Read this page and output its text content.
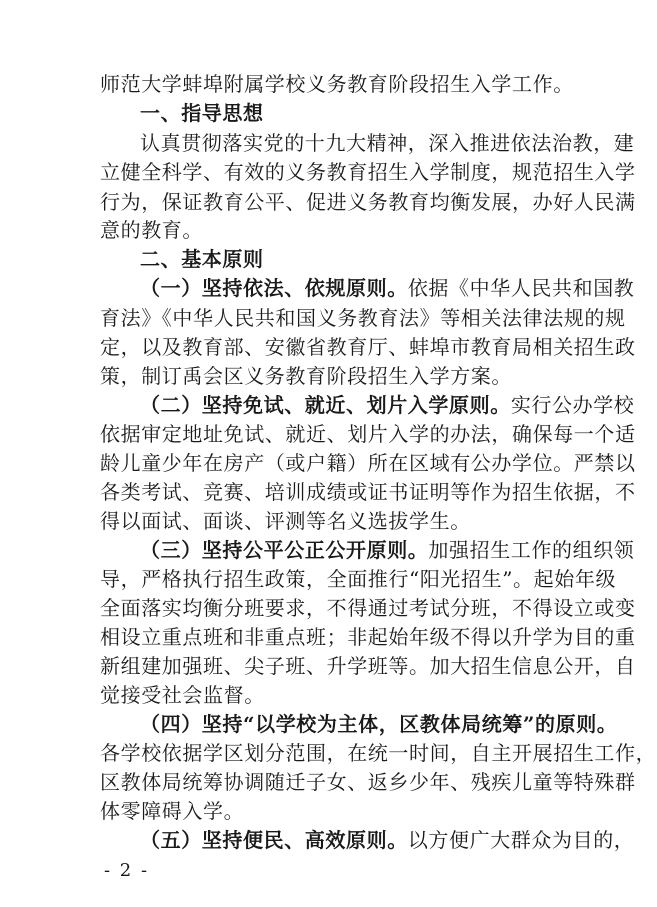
师范大学蚌埠附属学校义务教育阶段招生入学工作。
一、指导思想
认真贯彻落实党的十九大精神，深入推进依法治教，建
立健全科学、有效的义务教育招生入学制度，规范招生入学
行为，保证教育公平、促进义务教育均衡发展，办好人民满
意的教育。
二、基本原则
（一）坚持依法、依规原则。依据《中华人民共和国教
育法》《中华人民共和国义务教育法》等相关法律法规的规
定，以及教育部、安徽省教育厅、蚌埠市教育局相关招生政
策，制订禹会区义务教育阶段招生入学方案。
（二）坚持免试、就近、划片入学原则。实行公办学校
依据审定地址免试、就近、划片入学的办法，确保每一个适
龄儿童少年在房产（或户籍）所在区域有公办学位。严禁以
各类考试、竞赛、培训成绩或证书证明等作为招生依据，不
得以面试、面谈、评测等名义选拔学生。
（三）坚持公平公正公开原则。加强招生工作的组织领
导，严格执行招生政策，全面推行“阳光招生”。起始年级
全面落实均衡分班要求，不得通过考试分班，不得设立或变
相设立重点班和非重点班；非起始年级不得以升学为目的重
新组建加强班、尖子班、升学班等。加大招生信息公开，自
觉接受社会监督。
（四）坚持“以学校为主体，区教体局统筹”的原则。
各学校依据学区划分范围，在统一时间，自主开展招生工作，
区教体局统筹协调随迁子女、返乡少年、残疾儿童等特殊群
体零障碍入学。
（五）坚持便民、高效原则。以方便广大群众为目的，
- 2 -
